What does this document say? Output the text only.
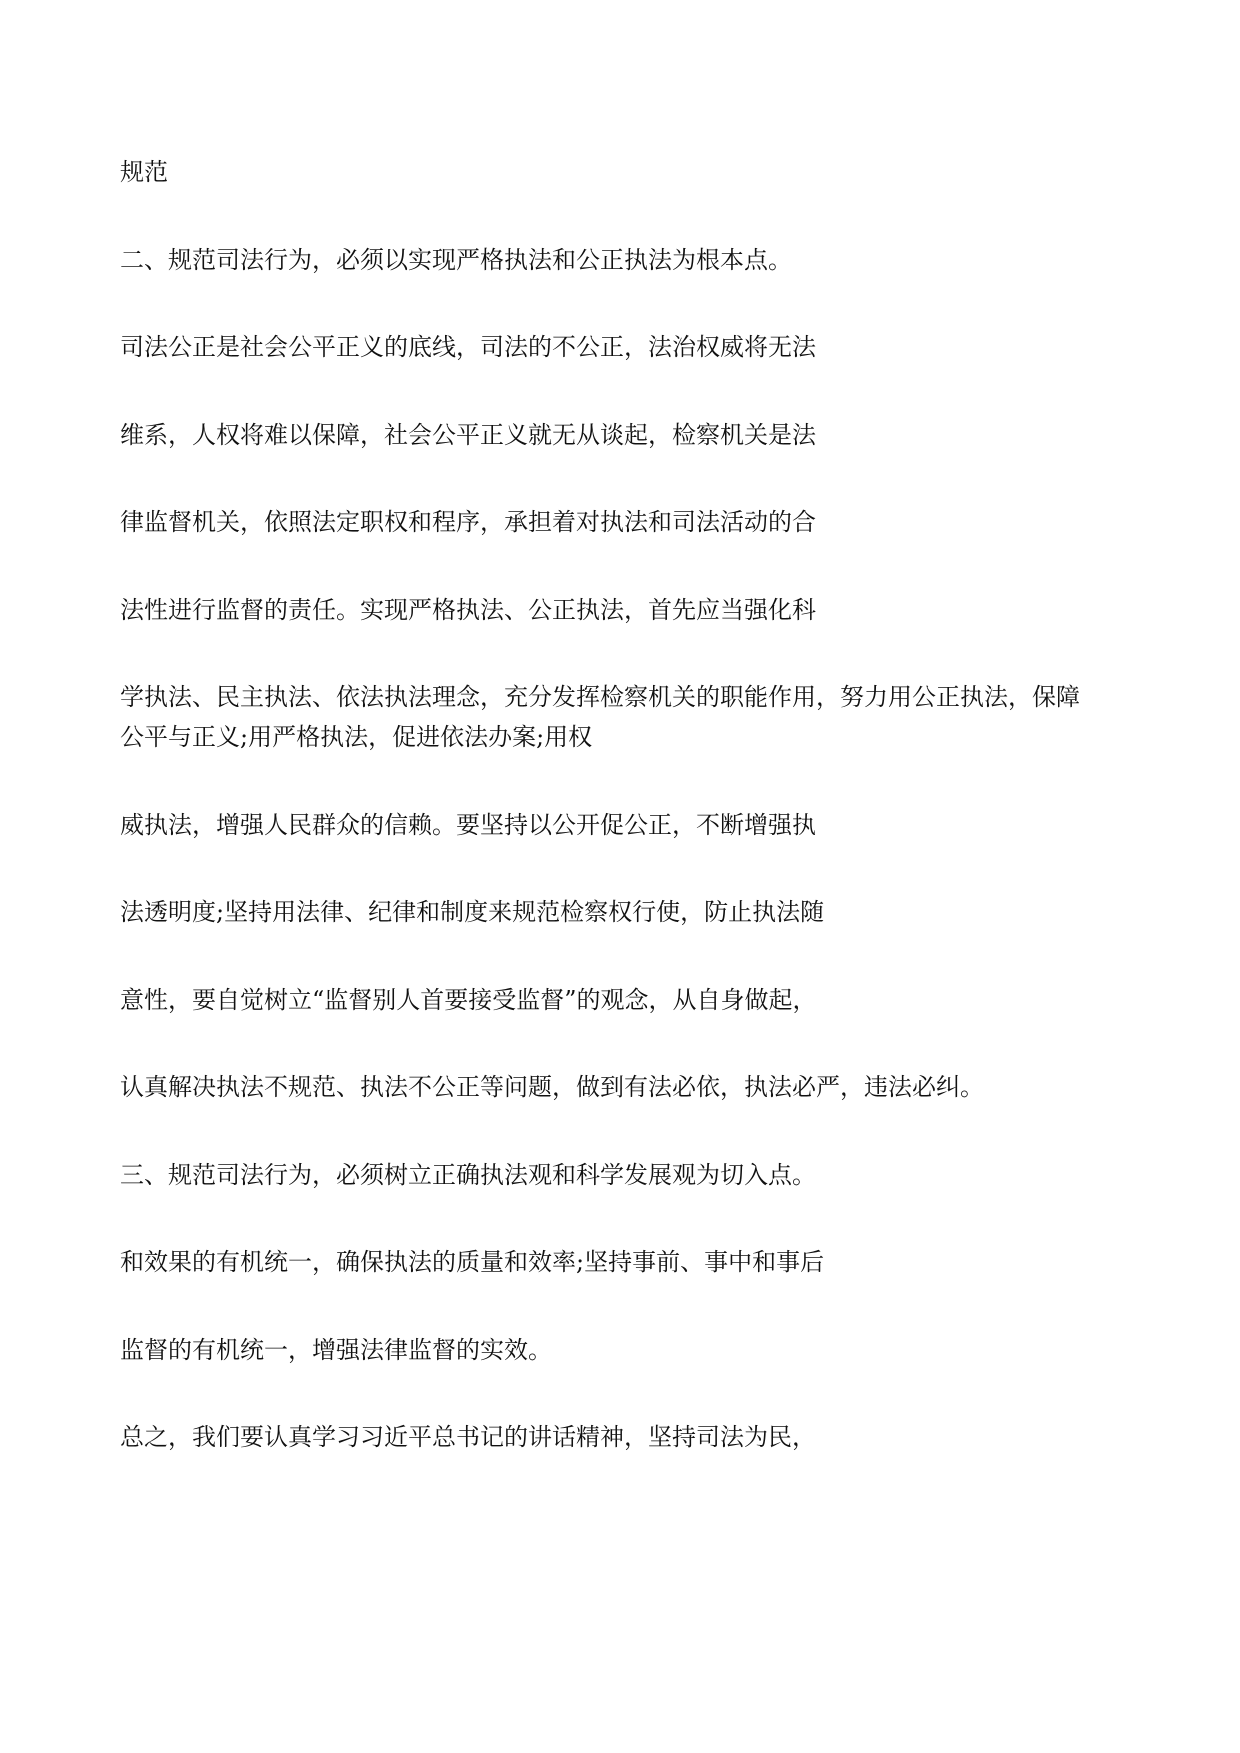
规范

二、规范司法行为，必须以实现严格执法和公正执法为根本点。

司法公正是社会公平正义的底线，司法的不公正，法治权威将无法

维系，人权将难以保障，社会公平正义就无从谈起，检察机关是法

律监督机关，依照法定职权和程序，承担着对执法和司法活动的合

法性进行监督的责任。实现严格执法、公正执法，首先应当强化科

学执法、民主执法、依法执法理念，充分发挥检察机关的职能作用，努力用公正执法，保障

公平与正义;用严格执法，促进依法办案;用权

威执法，增强人民群众的信赖。要坚持以公开促公正，不断增强执

法透明度;坚持用法律、纪律和制度来规范检察权行使，防止执法随

意性，要自觉树立“监督别人首要接受监督”的观念，从自身做起，

认真解决执法不规范、执法不公正等问题，做到有法必依，执法必严，违法必纠。

三、规范司法行为，必须树立正确执法观和科学发展观为切入点。

和效果的有机统一，确保执法的质量和效率;坚持事前、事中和事后

监督的有机统一，增强法律监督的实效。

总之，我们要认真学习习近平总书记的讲话精神，坚持司法为民，
